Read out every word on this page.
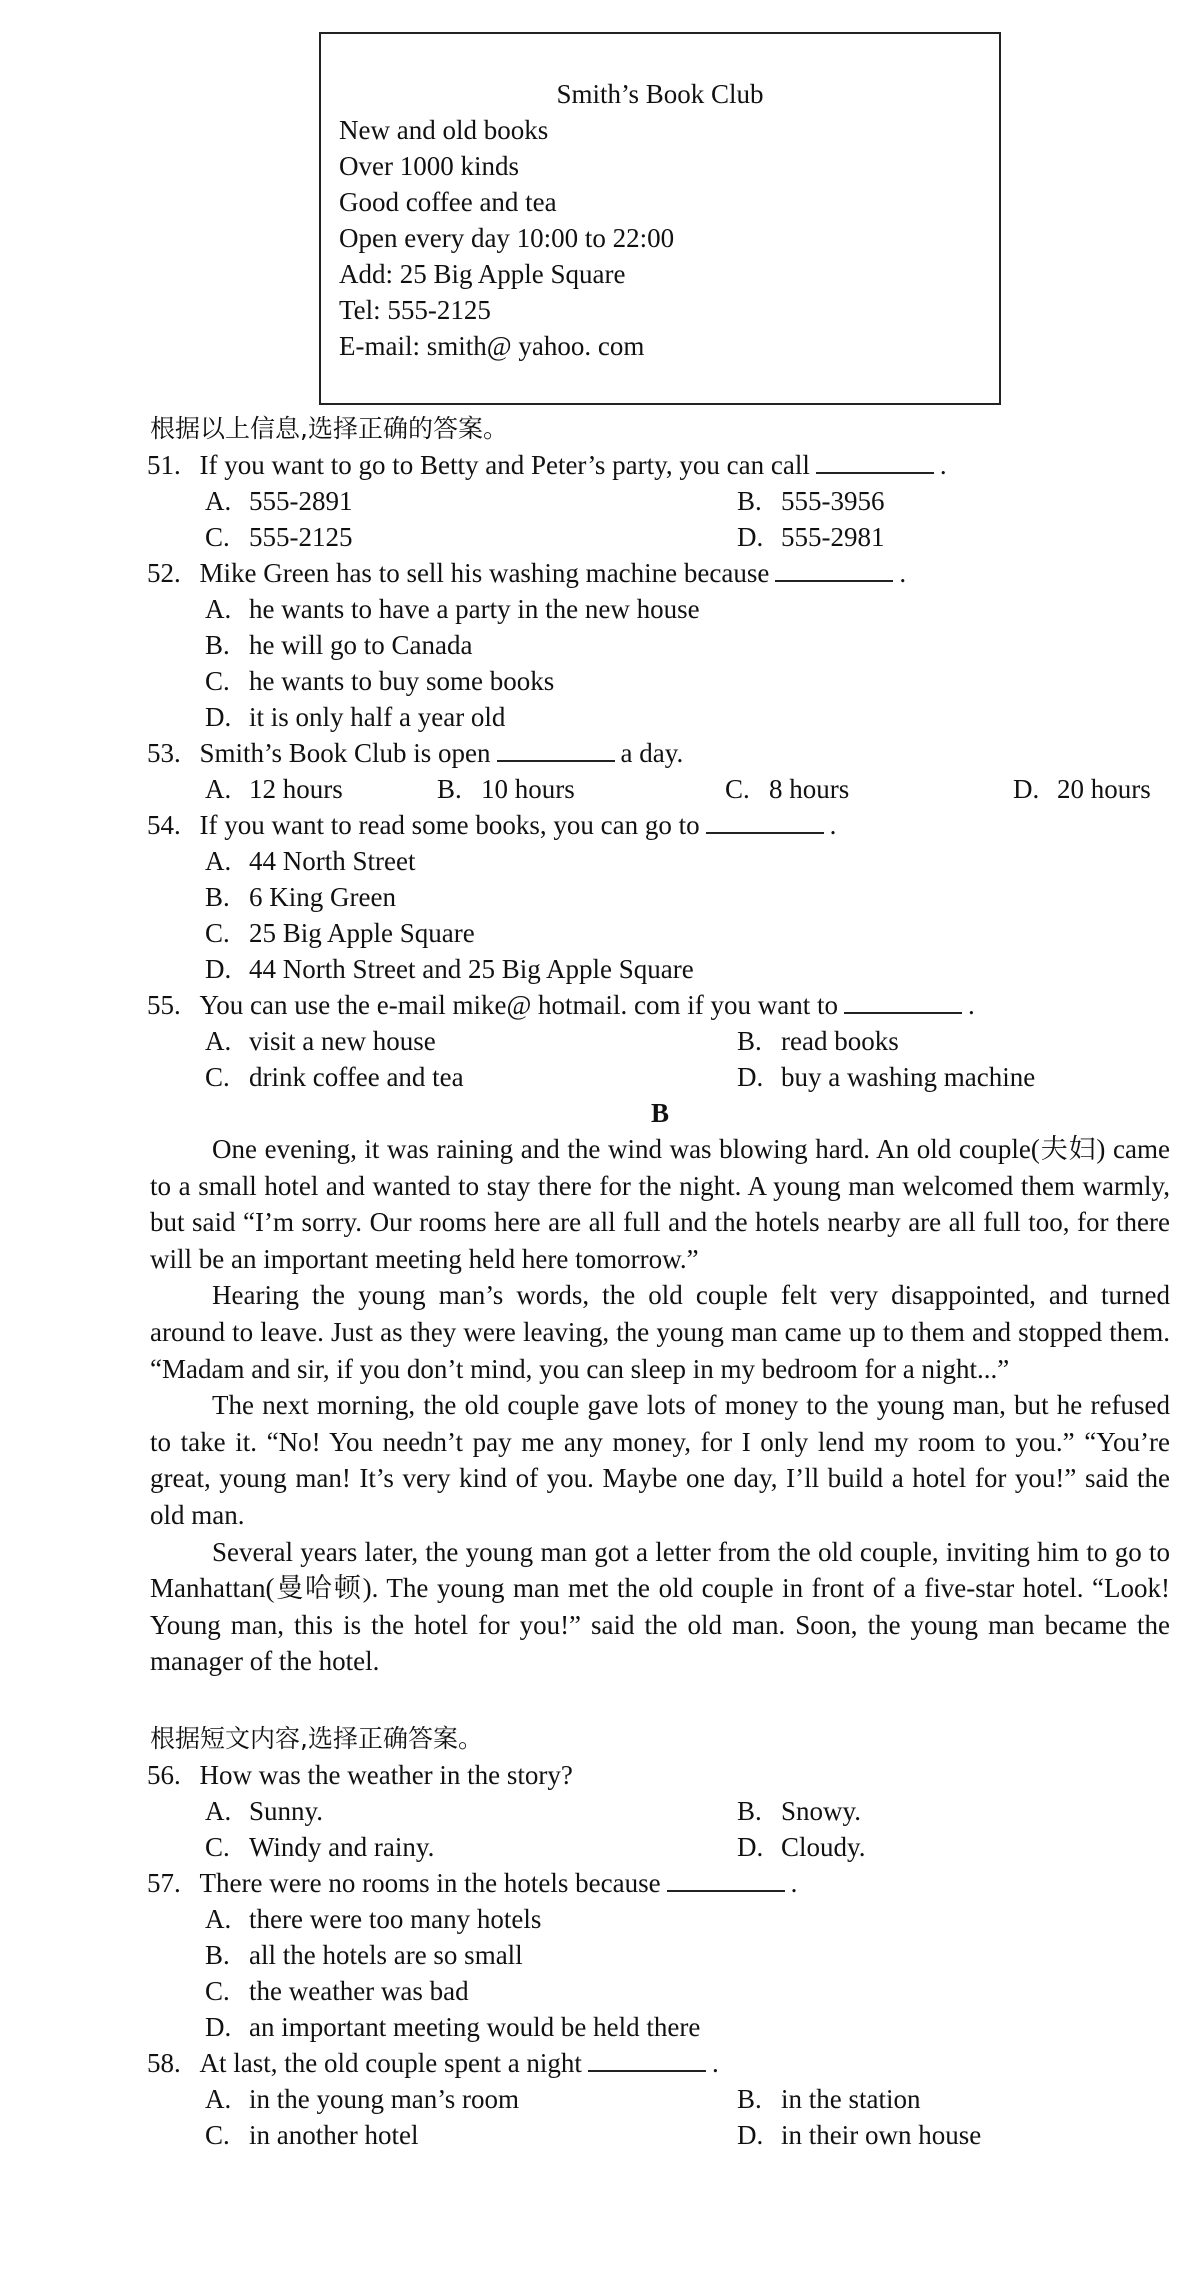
Smith’s Book Club
New and old books
Over 1000 kinds
Good coffee and tea
Open every day 10:00 to 22:00
Add: 25 Big Apple Square
Tel: 555-2125
E-mail: smith@ yahoo. com
根据以上信息,选择正确的答案。
51. If you want to go to Betty and Peter’s party, you can call	.
A. 555-2891	B. 555-3956
C. 555-2125	D. 555-2981
52. Mike Green has to sell his washing machine because	.
A. he wants to have a party in the new house
B. he will go to Canada
C. he wants to buy some books
D. it is only half a year old
53. Smith’s Book Club is open	a day.
A. 12 hours	B. 10 hours	C. 8 hours	D. 20 hours
54. If you want to read some books, you can go to	.
A. 44 North Street
B. 6 King Green
C. 25 Big Apple Square
D. 44 North Street and 25 Big Apple Square
55. You can use the e-mail mike@ hotmail. com if you want to	.
A. visit a new house	B. read books
C. drink coffee and tea	D. buy a washing machine
B

One evening, it was raining and the wind was blowing hard. An old couple(夫妇) came to a small hotel and wanted to stay there for the night. A young man welcomed them warmly, but said “I’m sorry. Our rooms here are all full and the hotels nearby are all full too, for there will be an important meeting held here tomorrow.”

Hearing the young man’s words, the old couple felt very disappointed, and turned around to leave. Just as they were leaving, the young man came up to them and stopped them. “Madam and sir, if you don’t mind, you can sleep in my bedroom for a night...”

The next morning, the old couple gave lots of money to the young man, but he refused to take it. “No! You needn’t pay me any money, for I only lend my room to you.” “You’re great, young man! It’s very kind of you. Maybe one day, I’ll build a hotel for you!” said the old man.

Several years later, the young man got a letter from the old couple, inviting him to go to Manhattan(曼哈顿). The young man met the old couple in front of a five-star hotel. “Look! Young man, this is the hotel for you!” said the old man. Soon, the young man became the manager of the hotel.

根据短文内容,选择正确答案。
56. How was the weather in the story?
A. Sunny.	B. Snowy.
C. Windy and rainy.	D. Cloudy.
57. There were no rooms in the hotels because	.
A. there were too many hotels
B. all the hotels are so small
C. the weather was bad
D. an important meeting would be held there
58. At last, the old couple spent a night	.
A. in the young man’s room	B. in the station
C. in another hotel	D. in their own house
